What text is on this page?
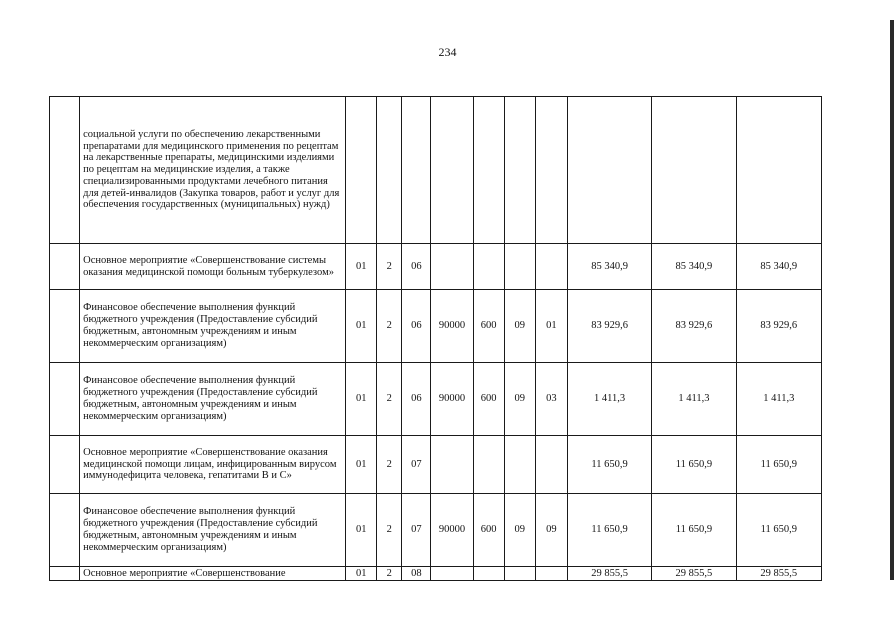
234
	социальной услуги по обеспечению лекарственными препаратами для медицинского применения по рецептам на лекарственные препараты, медицинскими изделиями по рецептам на медицинские изделия, а также специализированными продуктами лечебного питания для детей-инвалидов (Закупка товаров, работ и услуг для обеспечения государственных (муниципальных) нужд)										
	Основное мероприятие «Совершенствование системы оказания медицинской помощи больным туберкулезом»	01	2	06					85 340,9	85 340,9	85 340,9
	Финансовое обеспечение выполнения функций бюджетного учреждения (Предоставление субсидий бюджетным, автономным учреждениям и иным некоммерческим организациям)	01	2	06	90000	600	09	01	83 929,6	83 929,6	83 929,6
	Финансовое обеспечение выполнения функций бюджетного учреждения (Предоставление субсидий бюджетным, автономным учреждениям и иным некоммерческим организациям)	01	2	06	90000	600	09	03	1 411,3	1 411,3	1 411,3
	Основное мероприятие «Совершенствование оказания медицинской помощи лицам, инфицированным вирусом иммунодефицита человека, гепатитами В и С»	01	2	07					11 650,9	11 650,9	11 650,9
	Финансовое обеспечение выполнения функций бюджетного учреждения (Предоставление субсидий бюджетным, автономным учреждениям и иным некоммерческим организациям)	01	2	07	90000	600	09	09	11 650,9	11 650,9	11 650,9
	Основное мероприятие «Совершенствование	01	2	08					29 855,5	29 855,5	29 855,5
